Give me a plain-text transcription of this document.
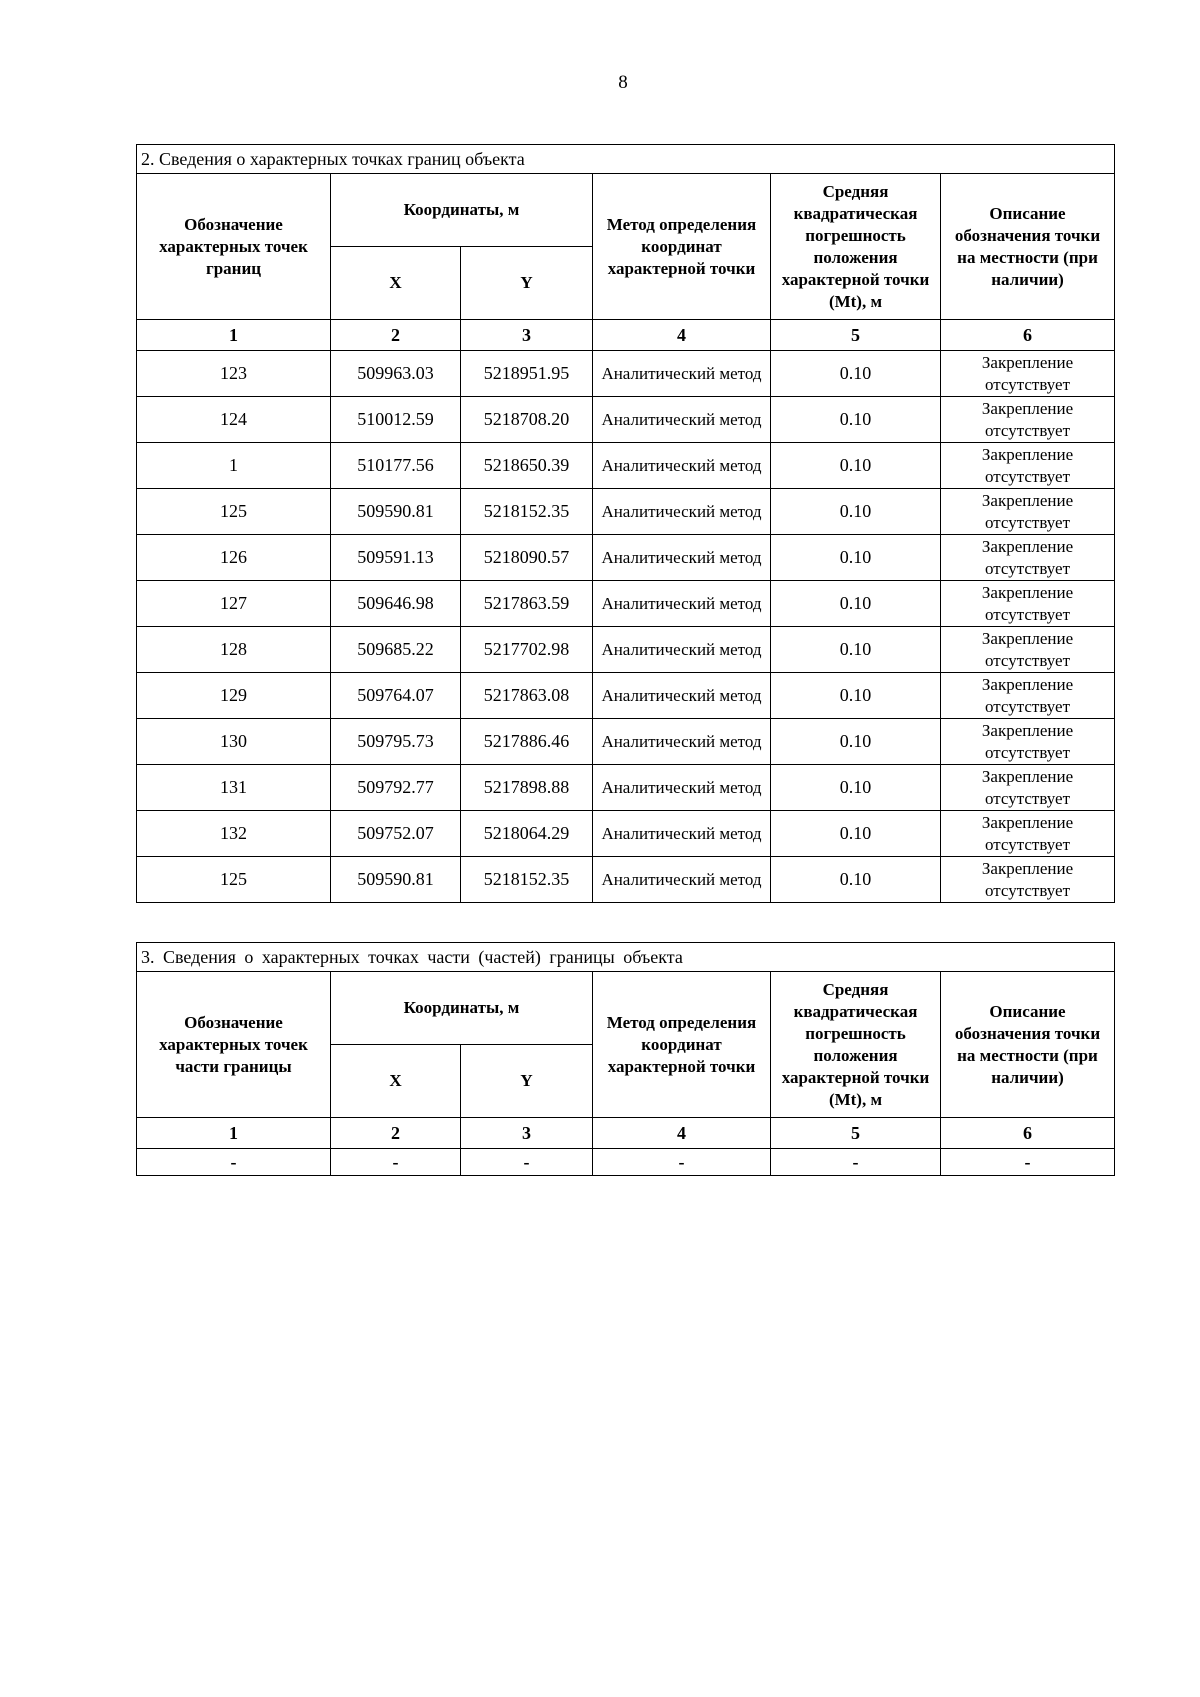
8
2. Сведения о характерных точках границ объекта					
Обозначение характерных точек границ	Координаты, м		Метод определения координат характерной точки	Средняя квадратическая погрешность положения характерной точки (Mt), м	Описание обозначения точки на местности (при наличии)
	X	Y			
1	2	3	4	5	6
123	509963.03	5218951.95	Аналитический метод	0.10	Закрепление отсутствует
124	510012.59	5218708.20	Аналитический метод	0.10	Закрепление отсутствует
1	510177.56	5218650.39	Аналитический метод	0.10	Закрепление отсутствует
125	509590.81	5218152.35	Аналитический метод	0.10	Закрепление отсутствует
126	509591.13	5218090.57	Аналитический метод	0.10	Закрепление отсутствует
127	509646.98	5217863.59	Аналитический метод	0.10	Закрепление отсутствует
128	509685.22	5217702.98	Аналитический метод	0.10	Закрепление отсутствует
129	509764.07	5217863.08	Аналитический метод	0.10	Закрепление отсутствует
130	509795.73	5217886.46	Аналитический метод	0.10	Закрепление отсутствует
131	509792.77	5217898.88	Аналитический метод	0.10	Закрепление отсутствует
132	509752.07	5218064.29	Аналитический метод	0.10	Закрепление отсутствует
125	509590.81	5218152.35	Аналитический метод	0.10	Закрепление отсутствует
3. Сведения о характерных точках части (частей) границы объекта					
Обозначение характерных точек части границы	Координаты, м		Метод определения координат характерной точки	Средняя квадратическая погрешность положения характерной точки (Mt), м	Описание обозначения точки на местности (при наличии)
	X	Y			
1	2	3	4	5	6
-	-	-	-	-	-
